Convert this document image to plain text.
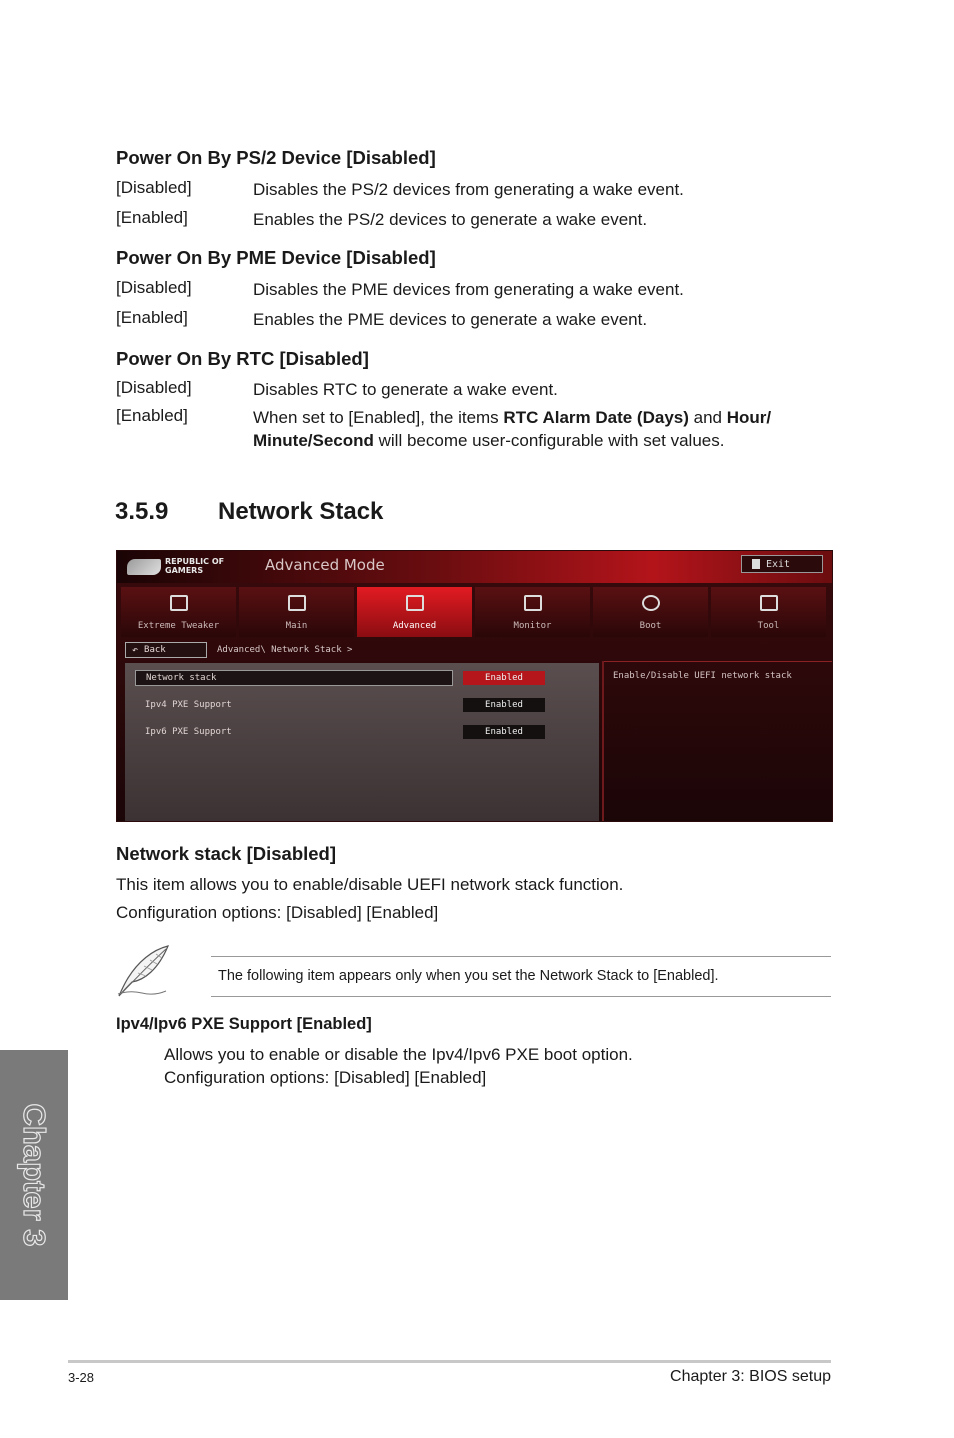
Power On By PS/2 Device [Disabled]
[Disabled]	Disables the PS/2 devices from generating a wake event.
[Enabled]	Enables the PS/2 devices to generate a wake event.
Power On By PME Device [Disabled]
[Disabled]	Disables the PME devices from generating a wake event.
[Enabled]	Enables the PME devices to generate a wake event.
Power On By RTC [Disabled]
[Disabled]	Disables RTC to generate a wake event.
[Enabled]	When set to [Enabled], the items RTC Alarm Date (Days) and Hour/ Minute/Second will become user-configurable with set values.
3.5.9	Network Stack
REPUBLIC OF
GAMERS	Advanced Mode	Exit
Extreme Tweaker	Main	Advanced	Monitor	Boot	Tool
↶ Back	Advanced\ Network Stack >
Network stack	Enabled
Ipv4 PXE Support	Enabled
Ipv6 PXE Support	Enabled
Enable/Disable UEFI network stack
Network stack [Disabled]
This item allows you to enable/disable UEFI network stack function.
Configuration options: [Disabled] [Enabled]
The following item appears only when you set the Network Stack to [Enabled].
Ipv4/Ipv6 PXE Support [Enabled]
Allows you to enable or disable the Ipv4/Ipv6 PXE boot option.
Configuration options: [Disabled] [Enabled]
Chapter 3
3-28	Chapter 3: BIOS setup
